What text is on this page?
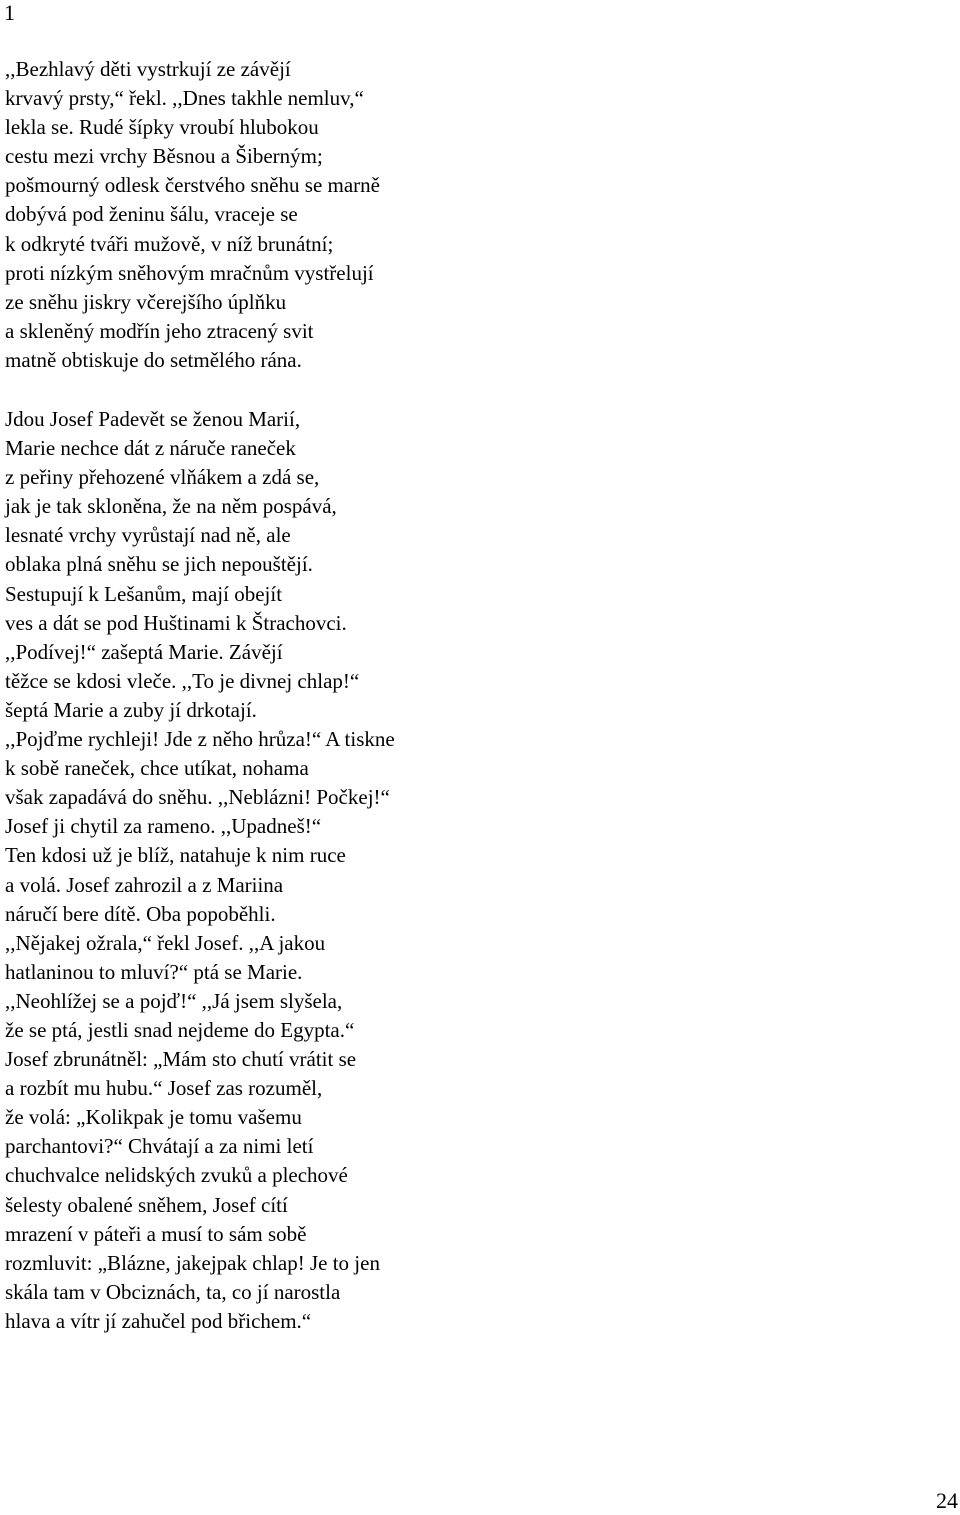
1
,,Bezhlavý děti vystrkují ze závějí
krvavý prsty,“ řekl. ,,Dnes takhle nemluv,“
lekla se. Rudé šípky vroubí hlubokou
cestu mezi vrchy Běsnou a Šiberným;
pošmourný odlesk čerstvého sněhu se marně
dobývá pod ženinu šálu, vraceje se
k odkryté tváři mužově, v níž brunátní;
proti nízkým sněhovým mračnům vystřelují
ze sněhu jiskry včerejšího úplňku
a skleněný modřín jeho ztracený svit
matně obtiskuje do setmělého rána.
Jdou Josef Padevět se ženou Marií,
Marie nechce dát z náruče raneček
z peřiny přehozené vlňákem a zdá se,
jak je tak skloněna, že na něm pospává,
lesnaté vrchy vyrůstají nad ně, ale
oblaka plná sněhu se jich nepouštějí.
Sestupují k Lešanům, mají obejít
ves a dát se pod Huštinami k Štrachovci.
,,Podívej!“ zašeptá Marie. Závějí
těžce se kdosi vleče. ,,To je divnej chlap!“
šeptá Marie a zuby jí drkotají.
,,Pojďme rychleji! Jde z něho hrůza!“ A tiskne
k sobě raneček, chce utíkat, nohama
však zapadává do sněhu. ,,Neblázni! Počkej!“
Josef ji chytil za rameno. ,,Upadneš!“
Ten kdosi už je blíž, natahuje k nim ruce
a volá. Josef zahrozil a z Mariina
náručí bere dítě. Oba popoběhli.
,,Nějakej ožrala,“ řekl Josef. ,,A jakou
hatlaninou to mluví?“ ptá se Marie.
,,Neohlížej se a pojď!“ ,,Já jsem slyšela,
že se ptá, jestli snad nejdeme do Egypta.“
Josef zbrunátněl: „Mám sto chutí vrátit se
a rozbít mu hubu.“ Josef zas rozuměl,
že volá: „Kolikpak je tomu vašemu
parchantovi?“ Chvátají a za nimi letí
chuchvalce nelidských zvuků a plechové
šelesty obalené sněhem, Josef cítí
mrazení v páteři a musí to sám sobě
rozmluvit: „Blázne, jakejpak chlap! Je to jen
skála tam v Obciznách, ta, co jí narostla
hlava a vítr jí zahučel pod břichem.“
24
